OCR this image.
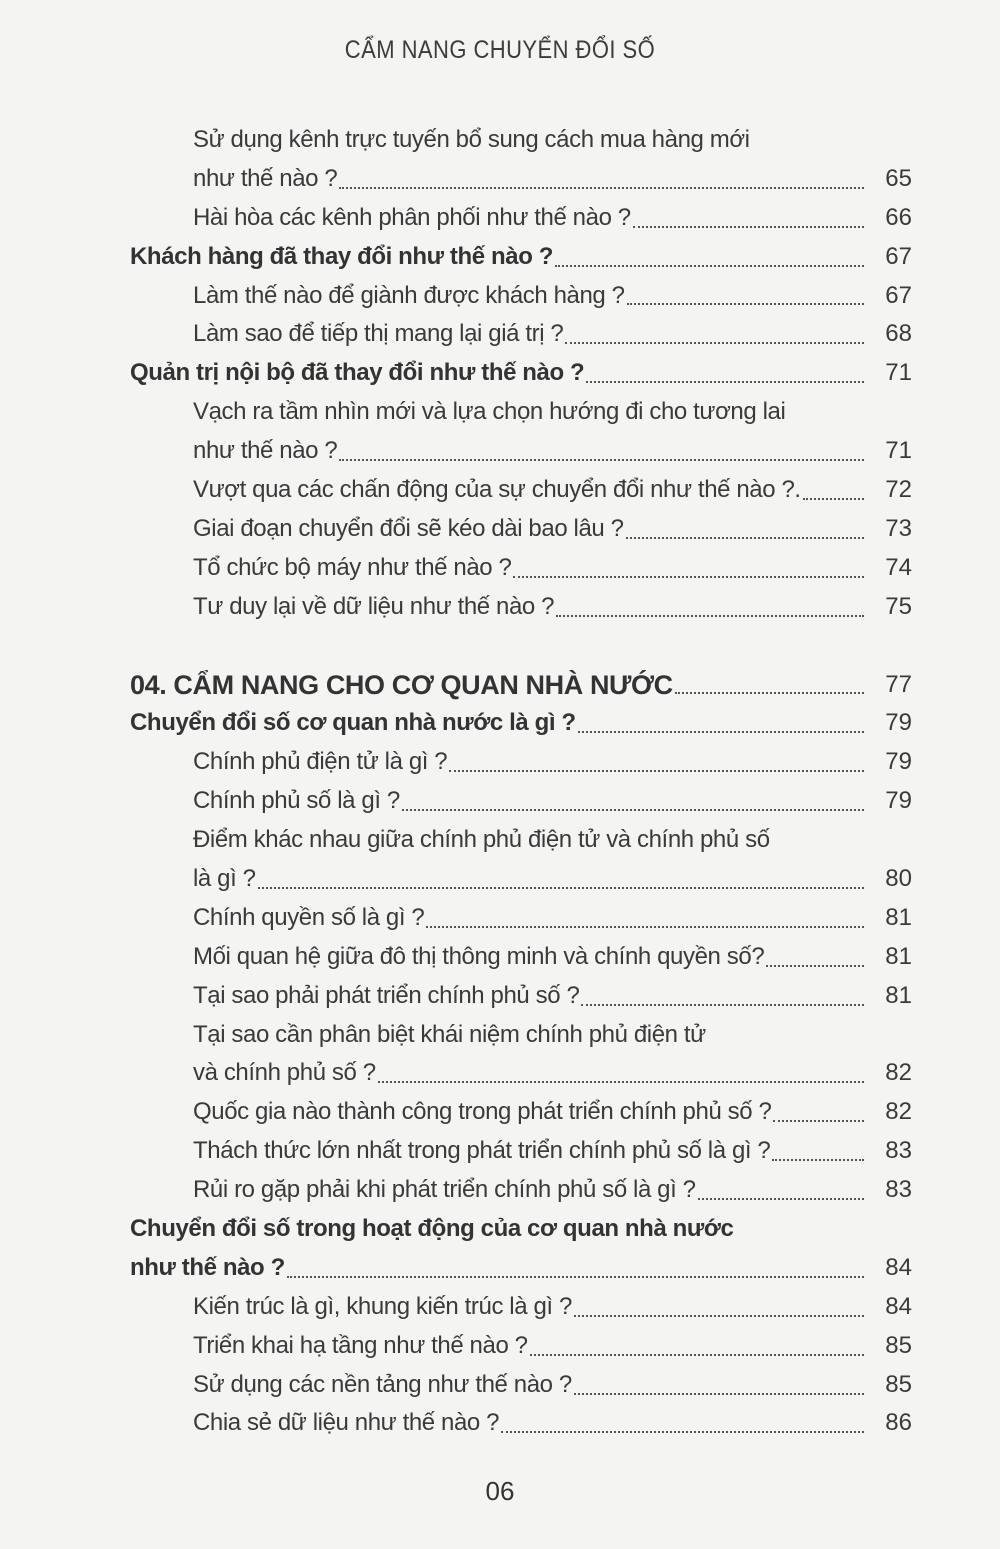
CẨM NANG CHUYỂN ĐỔI SỐ
Sử dụng kênh trực tuyến bổ sung cách mua hàng mới
như thế nào ?	65
Hài hòa các kênh phân phối như thế nào ?	66
Khách hàng đã thay đổi như thế nào ?	67
Làm thế nào để giành được khách hàng ?	67
Làm sao để tiếp thị mang lại giá trị ?	68
Quản trị nội bộ đã thay đổi như thế nào ?	71
Vạch ra tầm nhìn mới và lựa chọn hướng đi cho tương lai
như thế nào ?	71
Vượt qua các chấn động của sự chuyển đổi như thế nào ?.	72
Giai đoạn chuyển đổi sẽ kéo dài bao lâu ?	73
Tổ chức bộ máy như thế nào ?	74
Tư duy lại về dữ liệu như thế nào ?	75
04. CẨM NANG CHO CƠ QUAN NHÀ NƯỚC	77
Chuyển đổi số cơ quan nhà nước là gì ?	79
Chính phủ điện tử là gì ?	79
Chính phủ số là gì ?	79
Điểm khác nhau giữa chính phủ điện tử và chính phủ số
là gì ?	80
Chính quyền số là gì ?	81
Mối quan hệ giữa đô thị thông minh và chính quyền số?	81
Tại sao phải phát triển chính phủ số ?	81
Tại sao cần phân biệt khái niệm chính phủ điện tử
và chính phủ số ?	82
Quốc gia nào thành công trong phát triển chính phủ số ?	82
Thách thức lớn nhất trong phát triển chính phủ số là gì ?	83
Rủi ro gặp phải khi phát triển chính phủ số là gì ?	83
Chuyển đổi số trong hoạt động của cơ quan nhà nước
như thế nào ?	84
Kiến trúc là gì, khung kiến trúc là gì ?	84
Triển khai hạ tầng như thế nào ?	85
Sử dụng các nền tảng như thế nào ?	85
Chia sẻ dữ liệu như thế nào ?	86
06
